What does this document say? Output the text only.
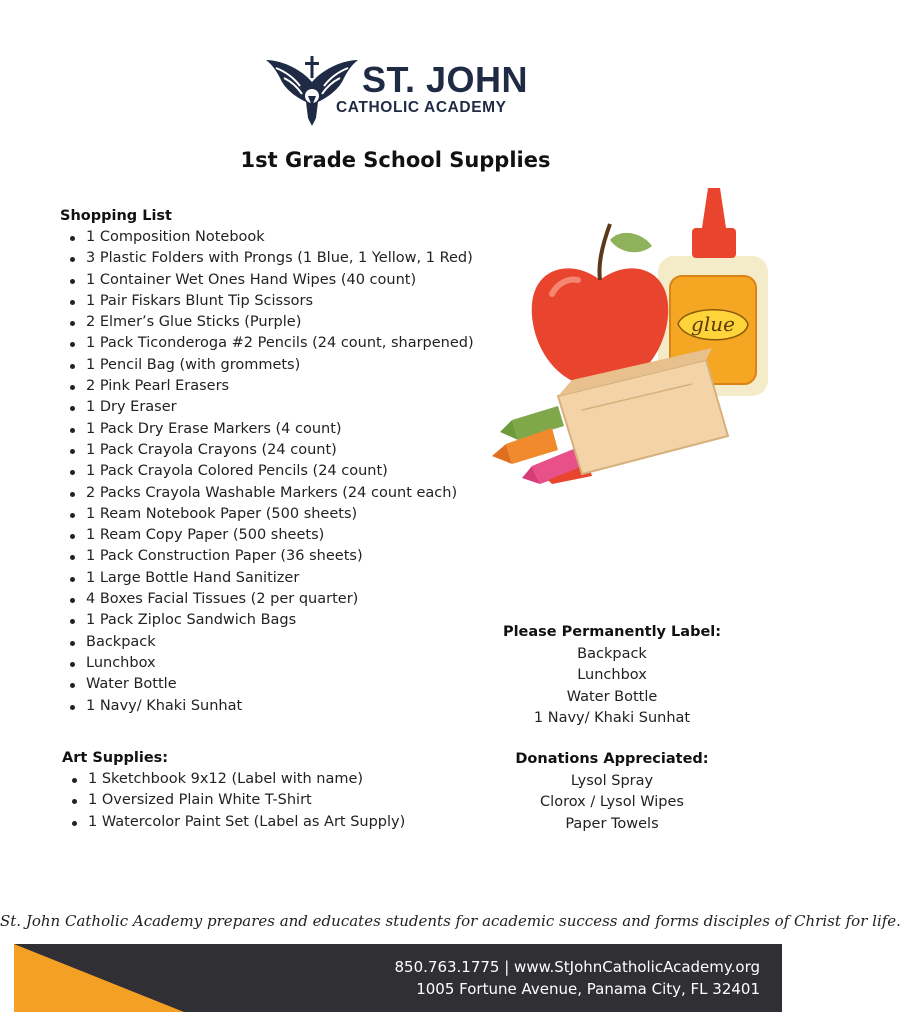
ST. JOHN
CATHOLIC ACADEMY
1st Grade School Supplies
Shopping List
1 Composition Notebook
3 Plastic Folders with Prongs (1 Blue, 1 Yellow, 1 Red)
1 Container Wet Ones Hand Wipes (40 count)
1 Pair Fiskars Blunt Tip Scissors
2 Elmer’s Glue Sticks (Purple)
1 Pack Ticonderoga #2 Pencils (24 count, sharpened)
1 Pencil Bag (with grommets)
2 Pink Pearl Erasers
1 Dry Eraser
1 Pack Dry Erase Markers (4 count)
1 Pack Crayola Crayons (24 count)
1 Pack Crayola Colored Pencils (24 count)
2 Packs Crayola Washable Markers (24 count each)
1 Ream Notebook Paper (500 sheets)
1 Ream Copy Paper (500 sheets)
1 Pack Construction Paper (36 sheets)
1 Large Bottle Hand Sanitizer
4 Boxes Facial Tissues (2 per quarter)
1 Pack Ziploc Sandwich Bags
Backpack
Lunchbox
Water Bottle
1 Navy/ Khaki Sunhat
Art Supplies:
1 Sketchbook 9x12 (Label with name)
1 Oversized Plain White T-Shirt
1 Watercolor Paint Set (Label as Art Supply)
Please Permanently Label:
Backpack
Lunchbox
Water Bottle
1 Navy/ Khaki Sunhat
Donations Appreciated:
Lysol Spray
Clorox / Lysol Wipes
Paper Towels
glue
St. John Catholic Academy prepares and educates students for academic success and forms disciples of Christ for life.
850.763.1775 | www.StJohnCatholicAcademy.org
1005 Fortune Avenue, Panama City, FL 32401
